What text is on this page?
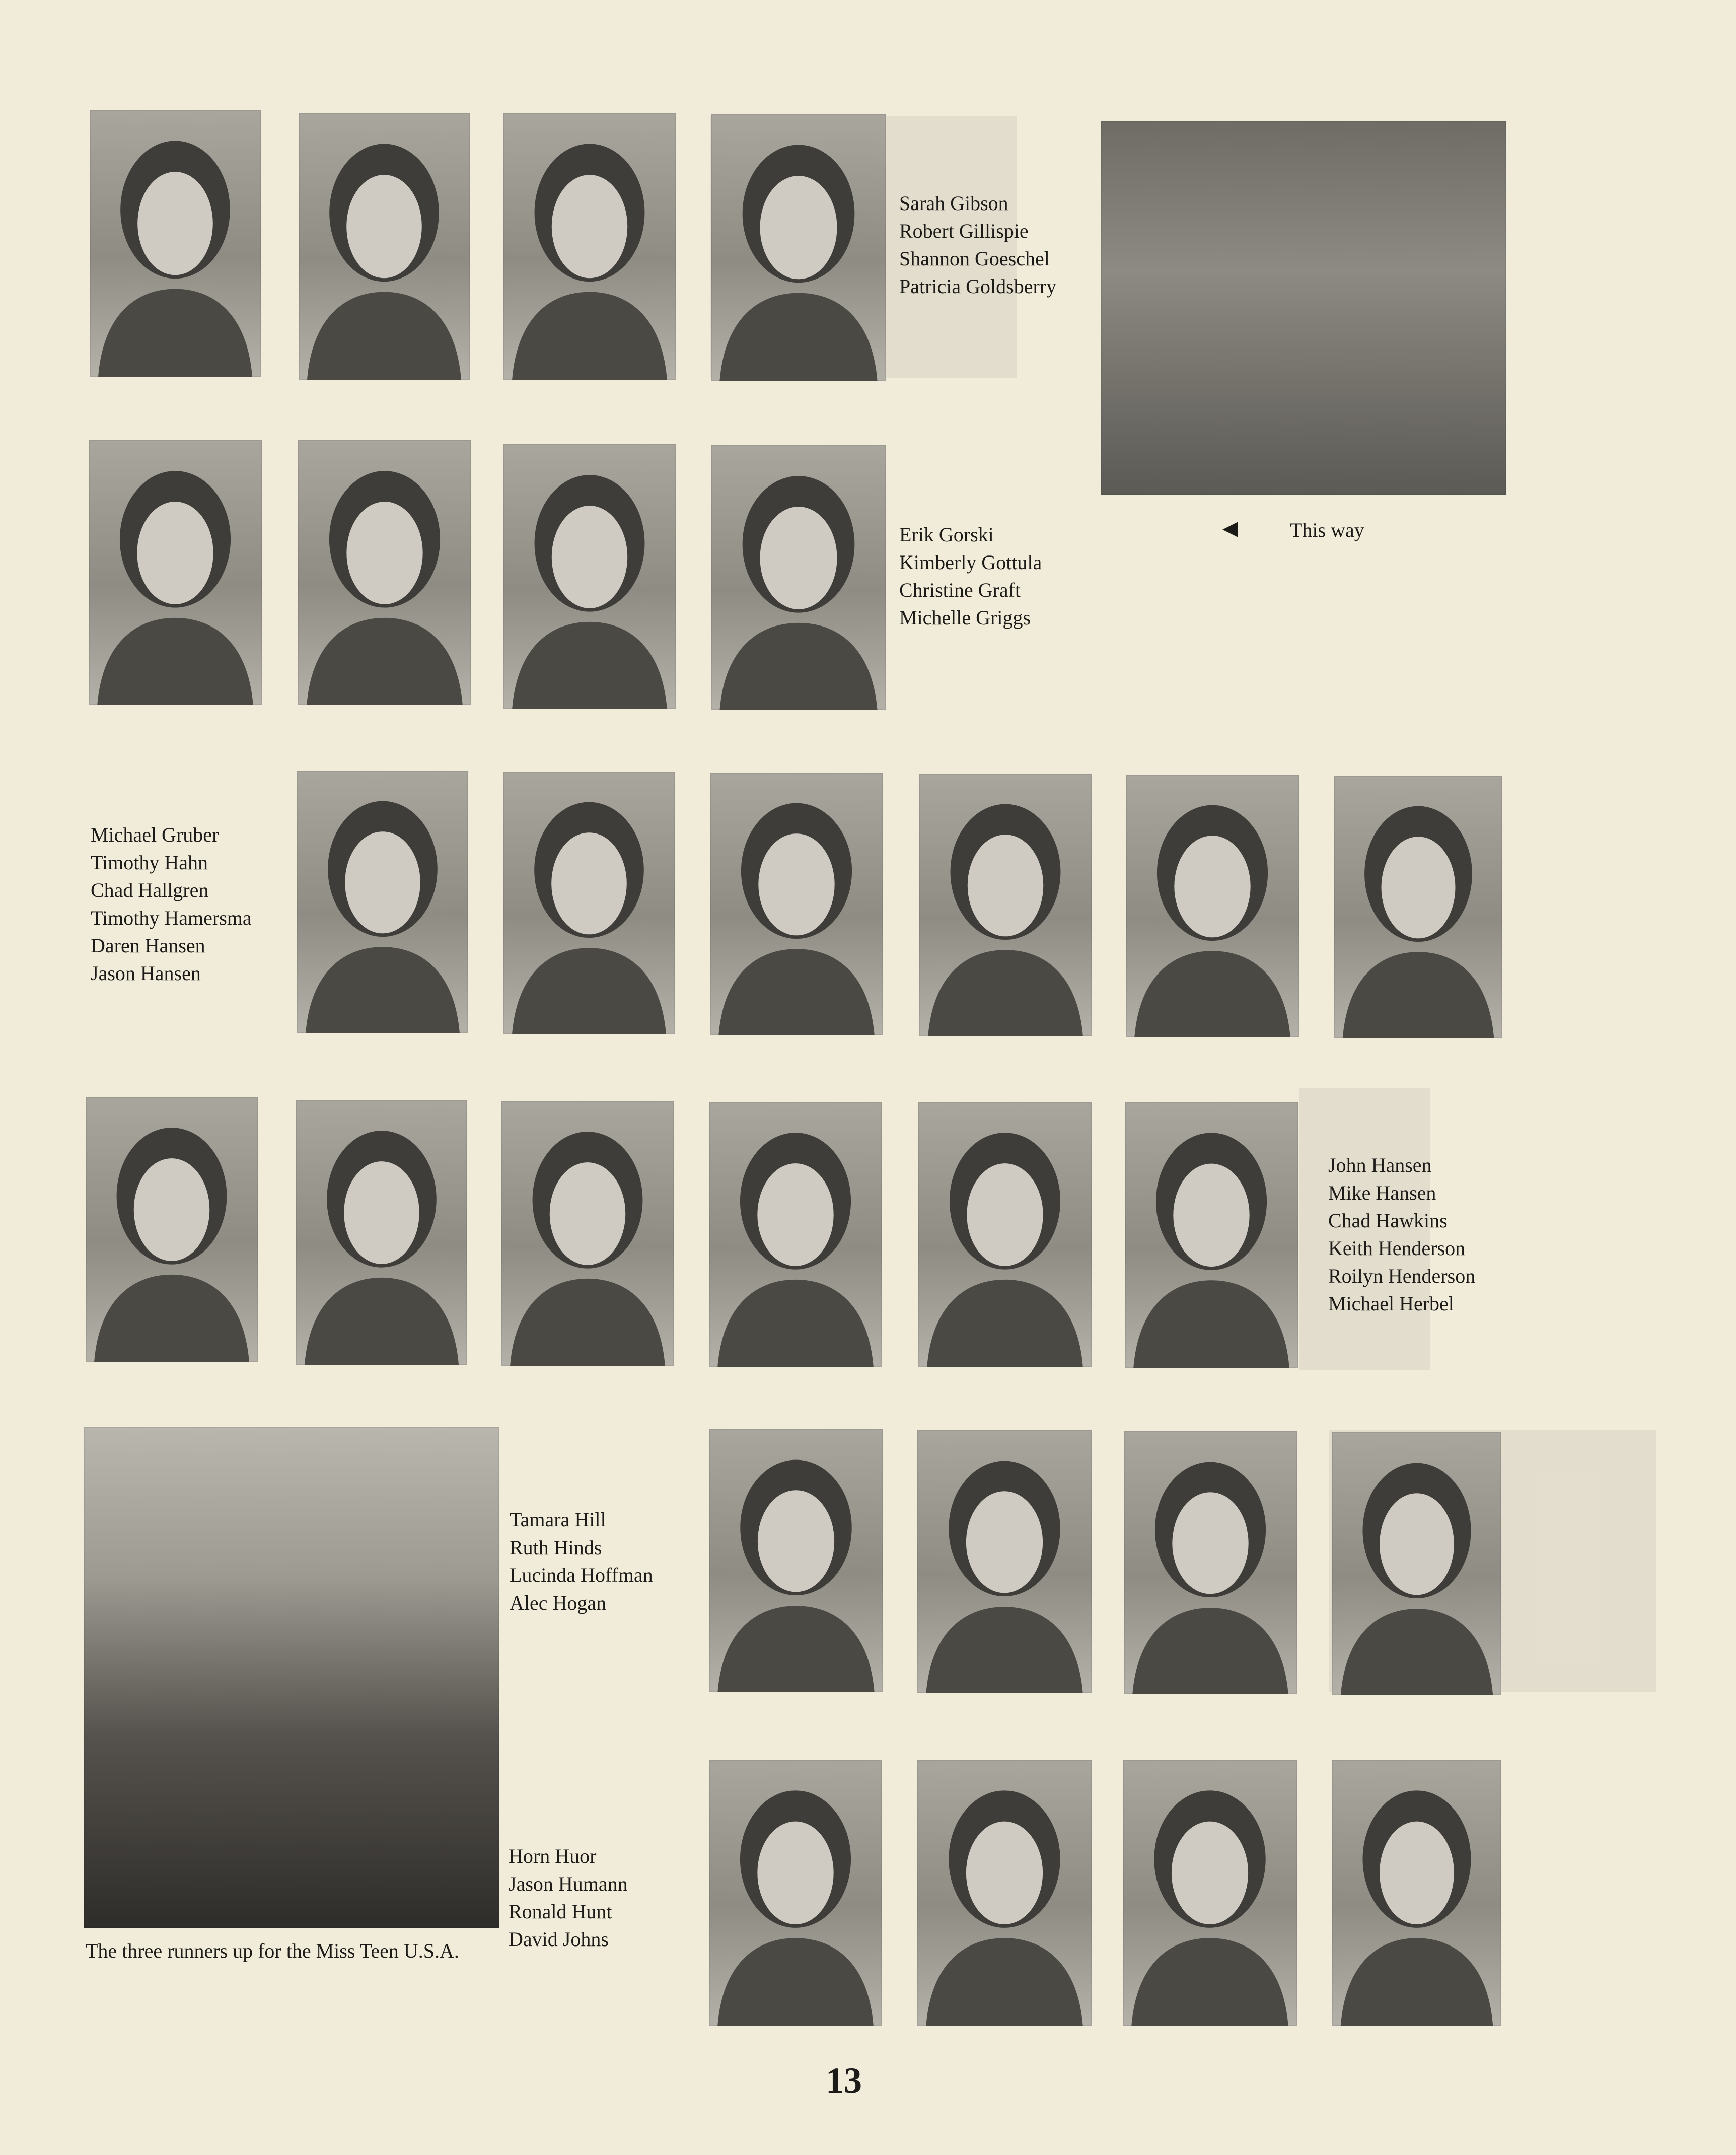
Sarah Gibson
Robert Gillispie
Shannon Goeschel
Patricia Goldsberry
◀	This way
Erik Gorski
Kimberly Gottula
Christine Graft
Michelle Griggs
Michael Gruber
Timothy Hahn
Chad Hallgren
Timothy Hamersma
Daren Hansen
Jason Hansen
John Hansen
Mike Hansen
Chad Hawkins
Keith Henderson
Roilyn Henderson
Michael Herbel
The three runners up for the Miss Teen U.S.A.
Tamara Hill
Ruth Hinds
Lucinda Hoffman
Alec Hogan
Horn Huor
Jason Humann
Ronald Hunt
David Johns
13
